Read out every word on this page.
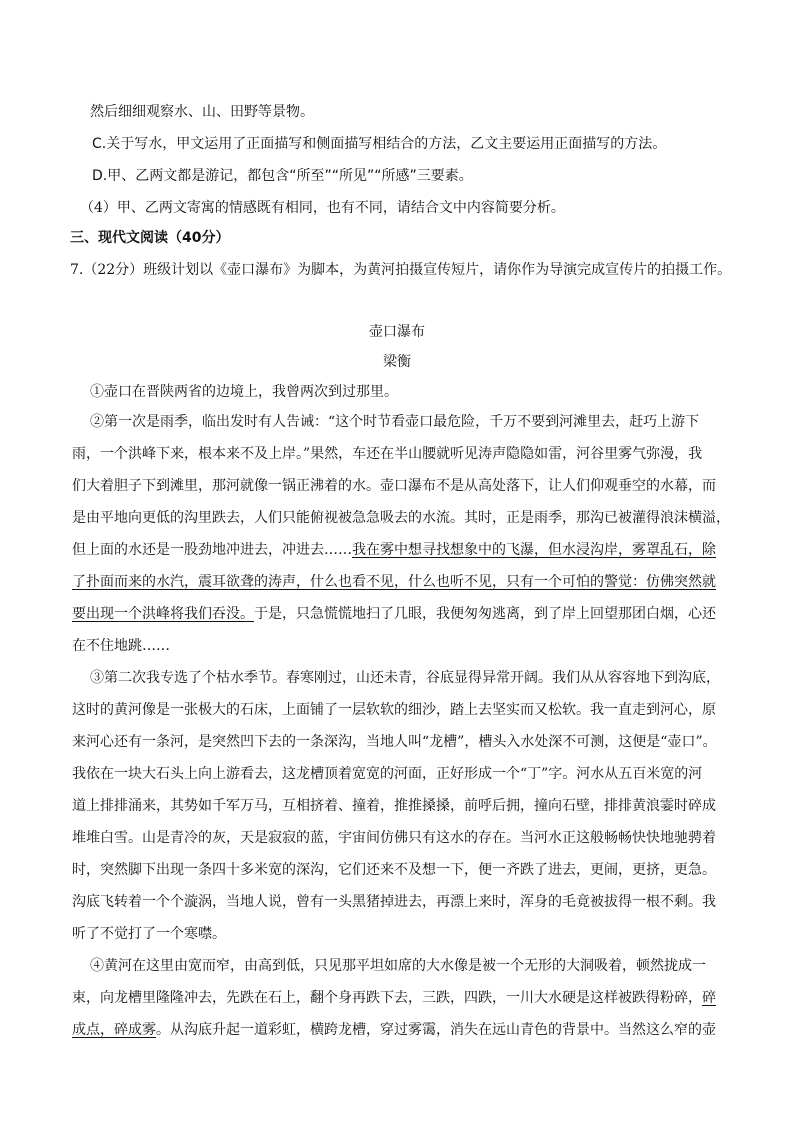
然后细细观察水、山、田野等景物。
C.关于写水，甲文运用了正面描写和侧面描写相结合的方法，乙文主要运用正面描写的方法。
D.甲、乙两文都是游记，都包含“所至”“所见”“所感”三要素。
（4）甲、乙两文寄寓的情感既有相同，也有不同，请结合文中内容简要分析。
三、现代文阅读（40分）
7.（22分）班级计划以《壶口瀑布》为脚本，为黄河拍摄宣传短片，请你作为导演完成宣传片的拍摄工作。
壶口瀑布
梁衡
①壶口在晋陕两省的边境上，我曾两次到过那里。
②第一次是雨季，临出发时有人告诫：“这个时节看壶口最危险，千万不要到河滩里去，赶巧上游下
雨，一个洪峰下来，根本来不及上岸。”果然，车还在半山腰就听见涛声隐隐如雷，河谷里雾气弥漫，我
们大着胆子下到滩里，那河就像一锅正沸着的水。壶口瀑布不是从高处落下，让人们仰观垂空的水幕，而
是由平地向更低的沟里跌去，人们只能俯视被急急吸去的水流。其时，正是雨季，那沟已被灌得浪沫横溢，
但上面的水还是一股劲地冲进去，冲进去……我在雾中想寻找想象中的飞瀑，但水浸沟岸，雾罩乱石，除
了扑面而来的水汽，震耳欲聋的涛声，什么也看不见，什么也听不见，只有一个可怕的警觉：仿佛突然就
要出现一个洪峰将我们吞没。于是，只急慌慌地扫了几眼，我便匆匆逃离，到了岸上回望那团白烟，心还
在不住地跳……
③第二次我专选了个枯水季节。春寒刚过，山还未青，谷底显得异常开阔。我们从从容容地下到沟底，
这时的黄河像是一张极大的石床，上面铺了一层软软的细沙，踏上去坚实而又松软。我一直走到河心，原
来河心还有一条河，是突然凹下去的一条深沟，当地人叫“龙槽”，槽头入水处深不可测，这便是“壶口”。
我依在一块大石头上向上游看去，这龙槽顶着宽宽的河面，正好形成一个“丁”字。河水从五百米宽的河
道上排排涌来，其势如千军万马，互相挤着、撞着，推推搡搡，前呼后拥，撞向石壁，排排黄浪霎时碎成
堆堆白雪。山是青冷的灰，天是寂寂的蓝，宇宙间仿佛只有这水的存在。当河水正这般畅畅快快地驰骋着
时，突然脚下出现一条四十多米宽的深沟，它们还来不及想一下，便一齐跌了进去，更闹，更挤，更急。
沟底飞转着一个个漩涡，当地人说，曾有一头黑猪掉进去，再漂上来时，浑身的毛竟被拔得一根不剩。我
听了不觉打了一个寒噤。
④黄河在这里由宽而窄，由高到低，只见那平坦如席的大水像是被一个无形的大洞吸着，顿然拢成一
束，向龙槽里隆隆冲去，先跌在石上，翻个身再跌下去，三跌，四跌，一川大水硬是这样被跌得粉碎，碎
成点，碎成雾。从沟底升起一道彩虹，横跨龙槽，穿过雾霭，消失在远山青色的背景中。当然这么窄的壶
